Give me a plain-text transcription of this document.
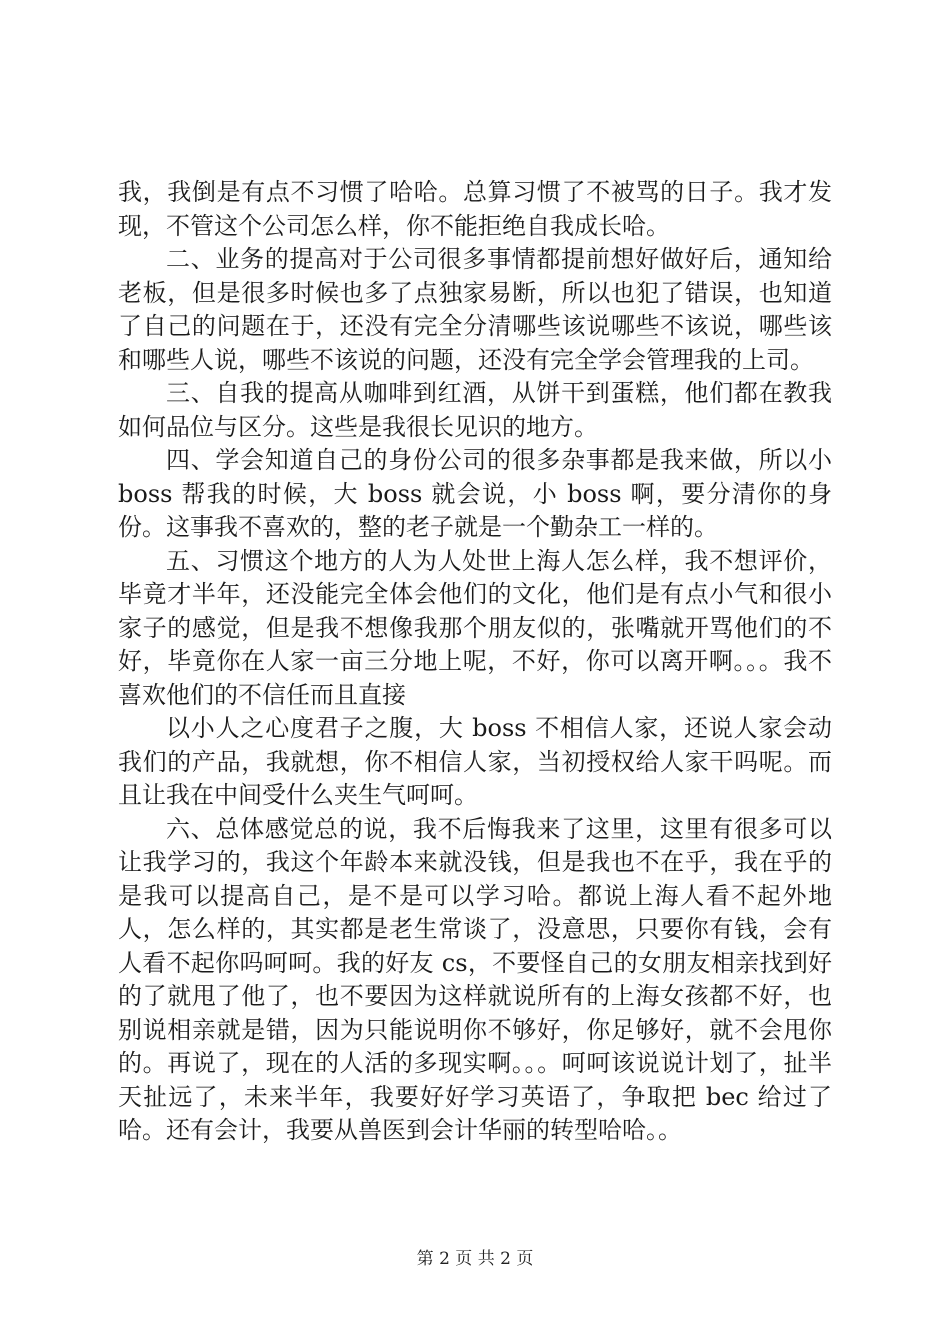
我，我倒是有点不习惯了哈哈。总算习惯了不被骂的日子。我才发现，不管这个公司怎么样，你不能拒绝自我成长哈。

二、业务的提高对于公司很多事情都提前想好做好后，通知给老板，但是很多时候也多了点独家易断，所以也犯了错误，也知道了自己的问题在于，还没有完全分清哪些该说哪些不该说，哪些该和哪些人说，哪些不该说的问题，还没有完全学会管理我的上司。

三、自我的提高从咖啡到红酒，从饼干到蛋糕，他们都在教我如何品位与区分。这些是我很长见识的地方。

四、学会知道自己的身份公司的很多杂事都是我来做，所以小 boss 帮我的时候，大 boss 就会说，小 boss 啊，要分清你的身份。这事我不喜欢的，整的老子就是一个勤杂工一样的。

五、习惯这个地方的人为人处世上海人怎么样，我不想评价，毕竟才半年，还没能完全体会他们的文化，他们是有点小气和很小家子的感觉，但是我不想像我那个朋友似的，张嘴就开骂他们的不好，毕竟你在人家一亩三分地上呢，不好，你可以离开啊。。。我不喜欢他们的不信任而且直接

以小人之心度君子之腹，大 boss 不相信人家，还说人家会动我们的产品，我就想，你不相信人家，当初授权给人家干吗呢。而且让我在中间受什么夹生气呵呵。

六、总体感觉总的说，我不后悔我来了这里，这里有很多可以让我学习的，我这个年龄本来就没钱，但是我也不在乎，我在乎的是我可以提高自己，是不是可以学习哈。都说上海人看不起外地人，怎么样的，其实都是老生常谈了，没意思，只要你有钱，会有人看不起你吗呵呵。我的好友 cs，不要怪自己的女朋友相亲找到好的了就甩了他了，也不要因为这样就说所有的上海女孩都不好，也别说相亲就是错，因为只能说明你不够好，你足够好，就不会甩你的。再说了，现在的人活的多现实啊。。。呵呵该说说计划了，扯半天扯远了，未来半年，我要好好学习英语了，争取把 bec 给过了哈。还有会计，我要从兽医到会计华丽的转型哈哈。。

第 2 页 共 2 页
